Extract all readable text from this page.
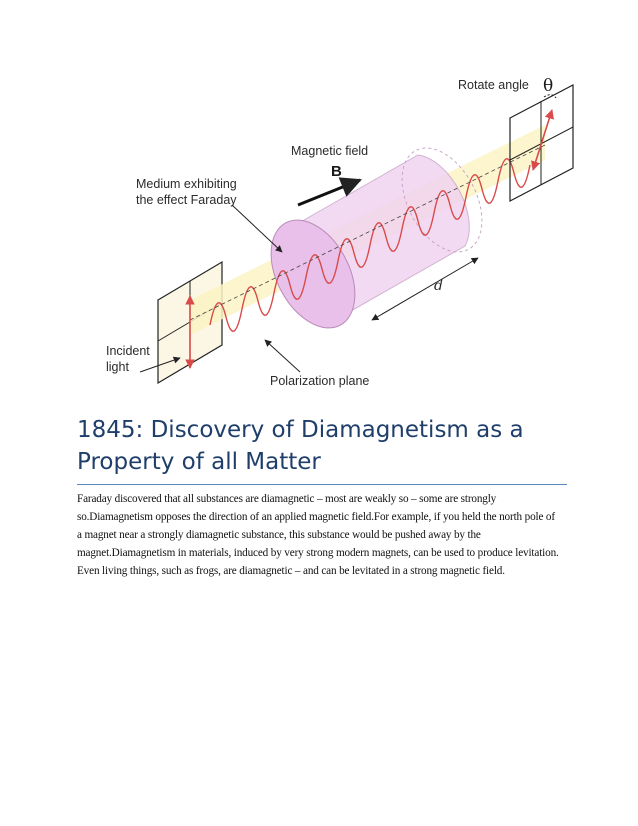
Rotate angle θ
Magnetic field
B
Medium exhibiting
the effect Faraday
d
Incident
light
Polarization plane
1845: Discovery of Diamagnetism as a
Property of all Matter

Faraday discovered that all substances are diamagnetic – most are weakly so – some are strongly so.Diamagnetism opposes the direction of an applied magnetic field.For example, if you held the north pole of a magnet near a strongly diamagnetic substance, this substance would be pushed away by the magnet.Diamagnetism in materials, induced by very strong modern magnets, can be used to produce levitation. Even living things, such as frogs, are diamagnetic – and can be levitated in a strong magnetic field.
